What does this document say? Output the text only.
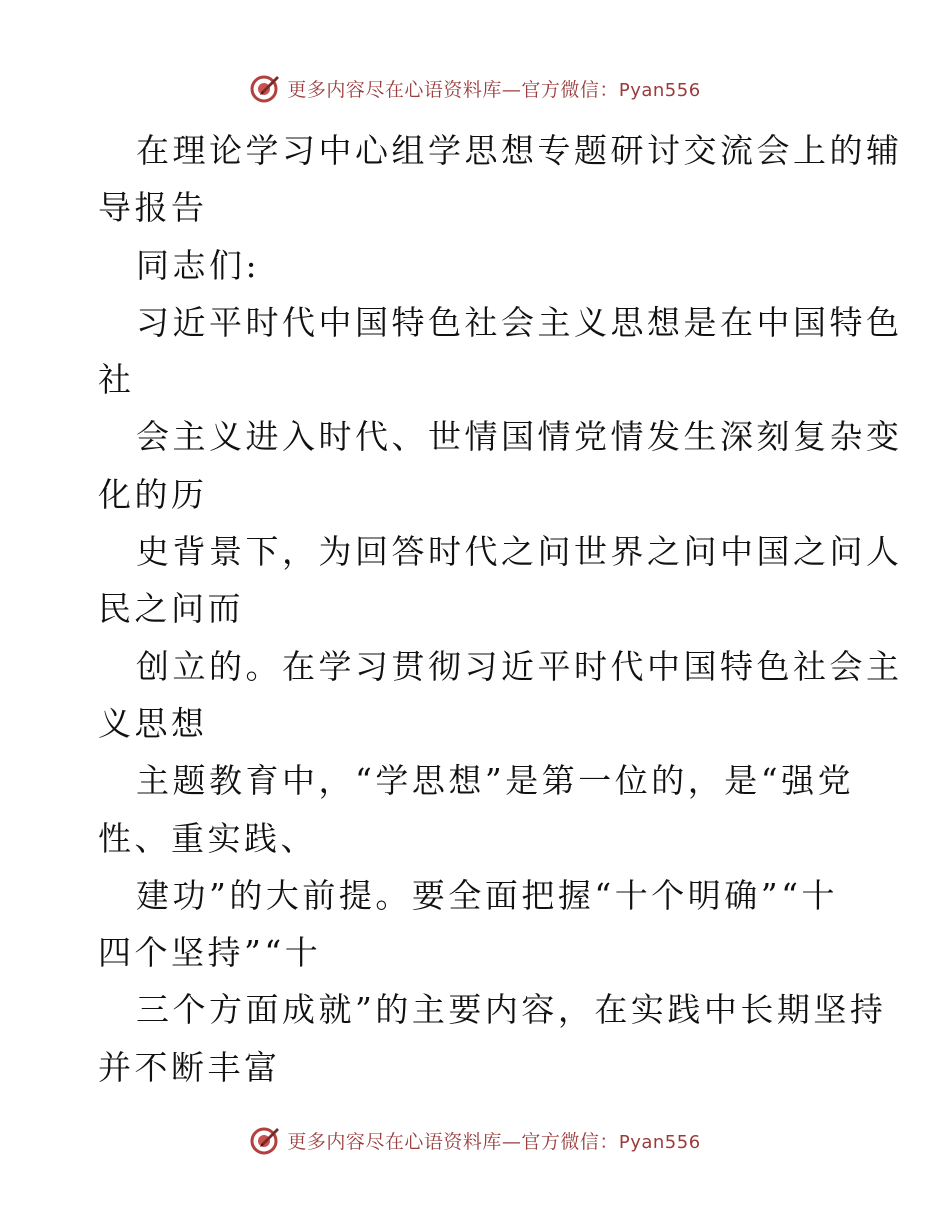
更多内容尽在心语资料库—官方微信：Pyan556

在理论学习中心组学思想专题研讨交流会上的辅

导报告

同志们:

习近平时代中国特色社会主义思想是在中国特色

社

会主义进入时代、世情国情党情发生深刻复杂变

化的历

史背景下，为回答时代之问世界之问中国之问人

民之问而

创立的。在学习贯彻习近平时代中国特色社会主

义思想

主题教育中，“学思想”是第一位的，是“强党

性、重实践、

建功”的大前提。要全面把握“十个明确”“十

四个坚持”“十

三个方面成就”的主要内容，在实践中长期坚持

并不断丰富

更多内容尽在心语资料库—官方微信：Pyan556
